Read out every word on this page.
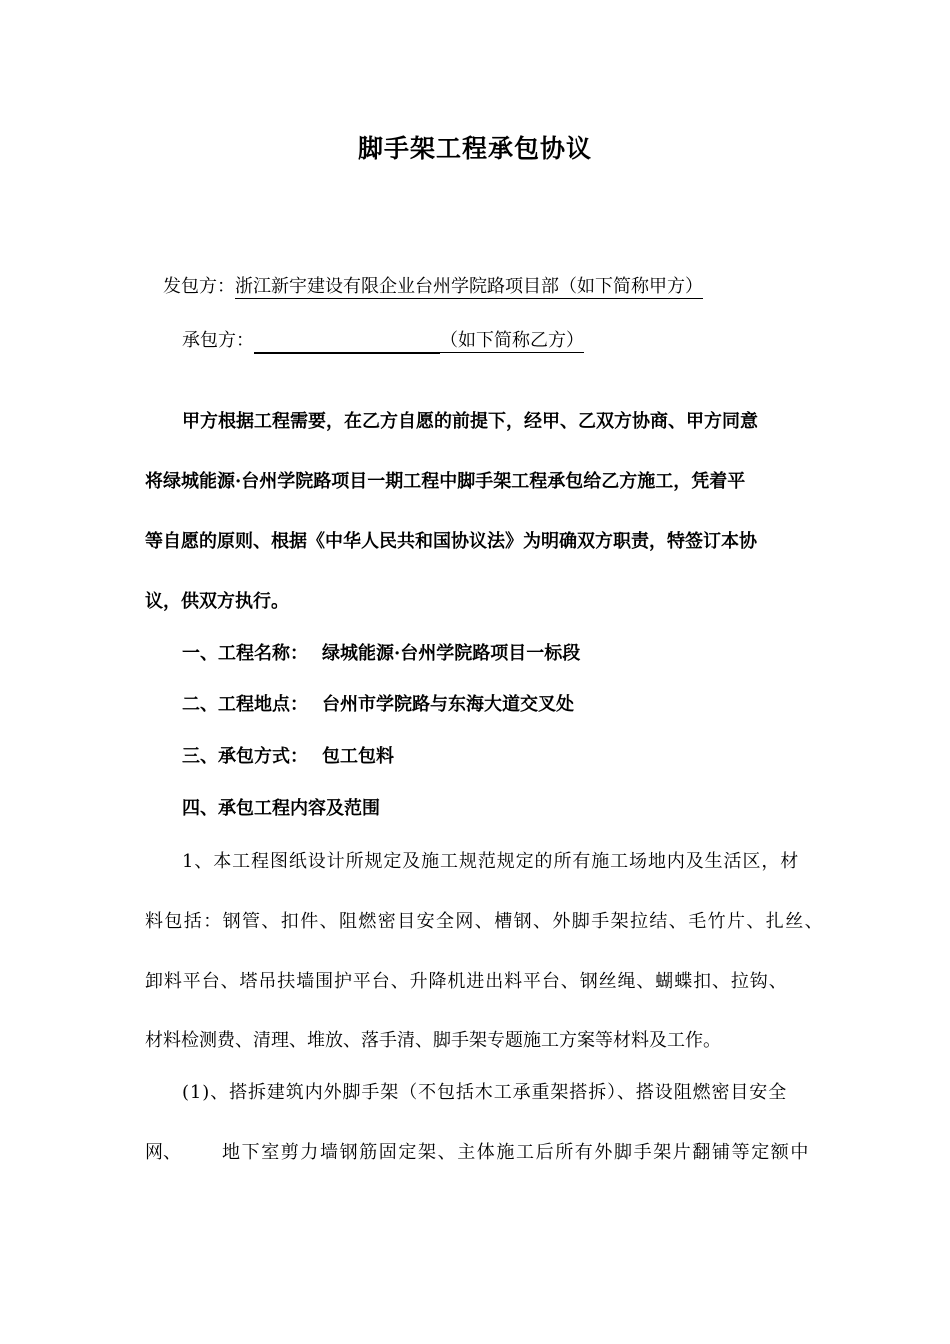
脚手架工程承包协议
发包方：浙江新宇建设有限企业台州学院路项目部（如下简称甲方）
承包方：	（如下简称乙方）
甲方根据工程需要，在乙方自愿的前提下，经甲、乙双方协商、甲方同意
将绿城能源·台州学院路项目一期工程中脚手架工程承包给乙方施工，凭着平
等自愿的原则、根据《中华人民共和国协议法》为明确双方职责，特签订本协
议，供双方执行。
一、工程名称： 绿城能源·台州学院路项目一标段
二、工程地点： 台州市学院路与东海大道交叉处
三、承包方式： 包工包料
四、承包工程内容及范围
1、本工程图纸设计所规定及施工规范规定的所有施工场地内及生活区，材
料包括：钢管、扣件、阻燃密目安全网、槽钢、外脚手架拉结、毛竹片、扎丝、
卸料平台、塔吊扶墙围护平台、升降机进出料平台、钢丝绳、蝴蝶扣、拉钩、
材料检测费、清理、堆放、落手清、脚手架专题施工方案等材料及工作。
(1)、搭拆建筑内外脚手架（不包括木工承重架搭拆）、搭设阻燃密目安全
网、 地下室剪力墙钢筋固定架、主体施工后所有外脚手架片翻铺等定额中
